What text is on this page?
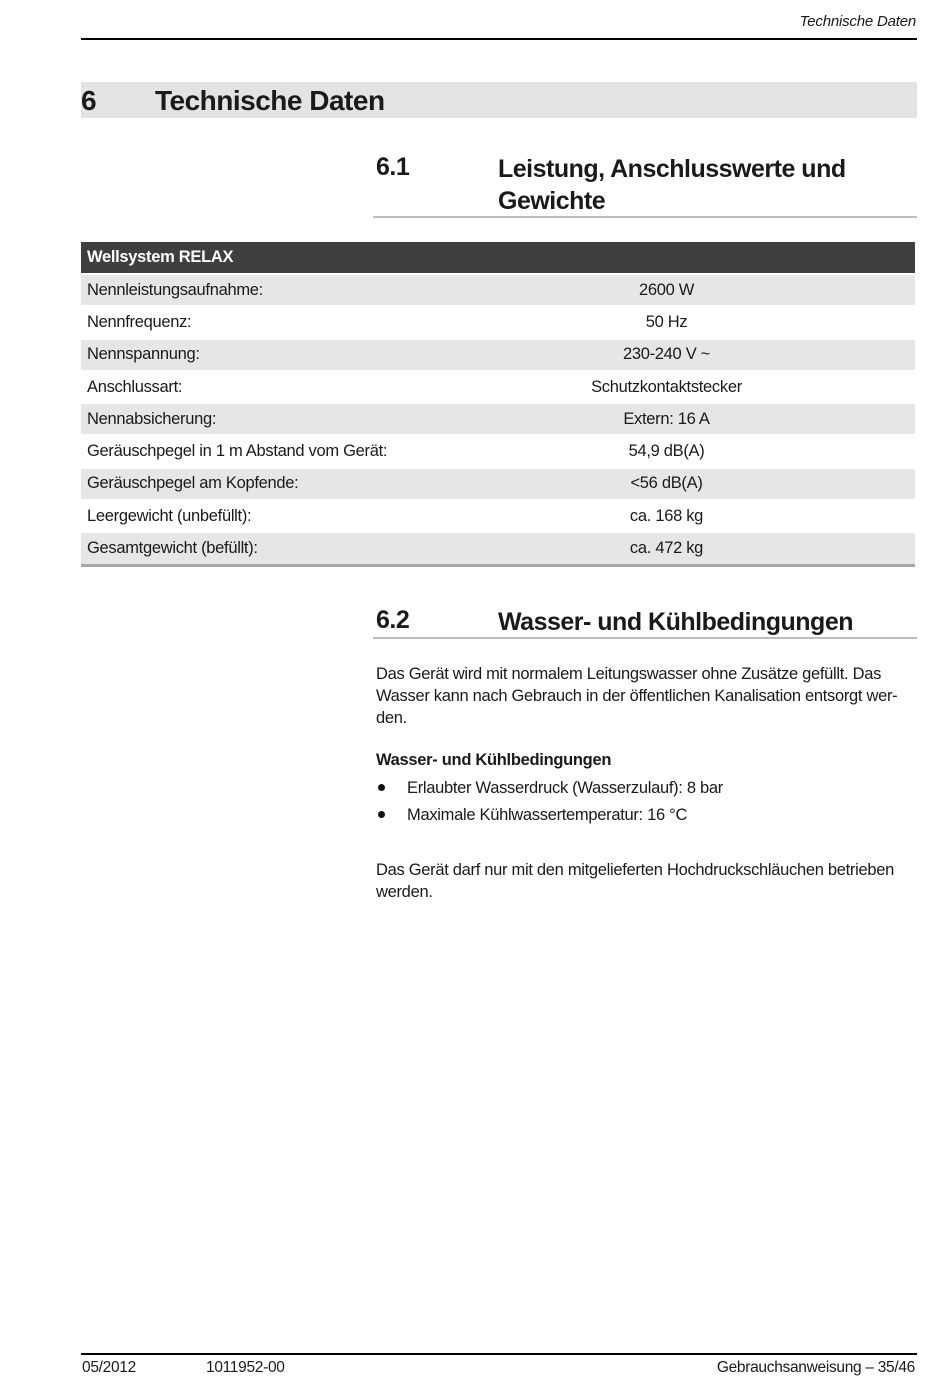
Technische Daten
6 Technische Daten
6.1	Leistung, Anschlusswerte und
Gewichte
Wellsystem RELAX	
Nennleistungsaufnahme:	2600 W
Nennfrequenz:	50 Hz
Nennspannung:	230-240 V ~
Anschlussart:	Schutzkontaktstecker
Nennabsicherung:	Extern: 16 A
Geräuschpegel in 1 m Abstand vom Gerät:	54,9 dB(A)
Geräuschpegel am Kopfende:	<56 dB(A)
Leergewicht (unbefüllt):	ca. 168 kg
Gesamtgewicht (befüllt):	ca. 472 kg
6.2	Wasser- und Kühlbedingungen
Das Gerät wird mit normalem Leitungswasser ohne Zusätze gefüllt. Das
Wasser kann nach Gebrauch in der öffentlichen Kanalisation entsorgt wer-
den.
Wasser- und Kühlbedingungen
Erlaubter Wasserdruck (Wasserzulauf): 8 bar
Maximale Kühlwassertemperatur: 16 °C
Das Gerät darf nur mit den mitgelieferten Hochdruckschläuchen betrieben
werden.
05/2012	1011952-00	Gebrauchsanweisung – 35/46
